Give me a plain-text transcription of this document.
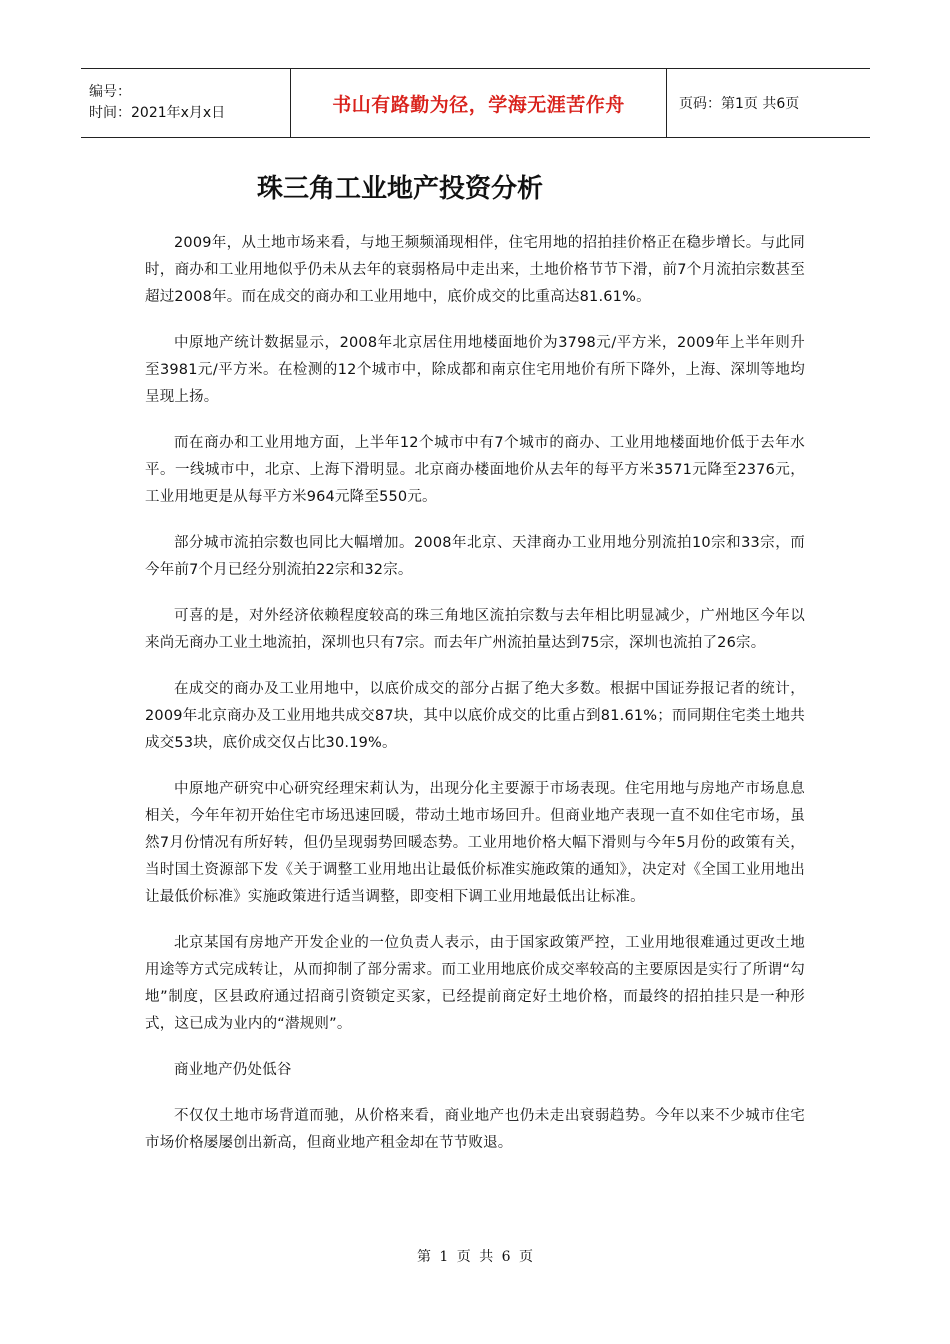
编号：
时间：2021年x月x日	书山有路勤为径，学海无涯苦作舟	页码：第1页 共6页
珠三角工业地产投资分析

2009年，从土地市场来看，与地王频频涌现相伴，住宅用地的招拍挂价格正在稳步增长。与此同时，商办和工业用地似乎仍未从去年的衰弱格局中走出来，土地价格节节下滑，前7个月流拍宗数甚至超过2008年。而在成交的商办和工业用地中，底价成交的比重高达81.61%。

中原地产统计数据显示，2008年北京居住用地楼面地价为3798元/平方米，2009年上半年则升至3981元/平方米。在检测的12个城市中，除成都和南京住宅用地价有所下降外，上海、深圳等地均呈现上扬。

而在商办和工业用地方面，上半年12个城市中有7个城市的商办、工业用地楼面地价低于去年水平。一线城市中，北京、上海下滑明显。北京商办楼面地价从去年的每平方米3571元降至2376元，工业用地更是从每平方米964元降至550元。

部分城市流拍宗数也同比大幅增加。2008年北京、天津商办工业用地分别流拍10宗和33宗，而今年前7个月已经分别流拍22宗和32宗。

可喜的是，对外经济依赖程度较高的珠三角地区流拍宗数与去年相比明显减少，广州地区今年以来尚无商办工业土地流拍，深圳也只有7宗。而去年广州流拍量达到75宗，深圳也流拍了26宗。

在成交的商办及工业用地中，以底价成交的部分占据了绝大多数。根据中国证券报记者的统计，2009年北京商办及工业用地共成交87块，其中以底价成交的比重占到81.61%；而同期住宅类土地共成交53块，底价成交仅占比30.19%。

中原地产研究中心研究经理宋莉认为，出现分化主要源于市场表现。住宅用地与房地产市场息息相关，今年年初开始住宅市场迅速回暖，带动土地市场回升。但商业地产表现一直不如住宅市场，虽然7月份情况有所好转，但仍呈现弱势回暖态势。工业用地价格大幅下滑则与今年5月份的政策有关，当时国土资源部下发《关于调整工业用地出让最低价标准实施政策的通知》，决定对《全国工业用地出让最低价标准》实施政策进行适当调整，即变相下调工业用地最低出让标准。

北京某国有房地产开发企业的一位负责人表示，由于国家政策严控，工业用地很难通过更改土地用途等方式完成转让，从而抑制了部分需求。而工业用地底价成交率较高的主要原因是实行了所谓“勾地”制度，区县政府通过招商引资锁定买家，已经提前商定好土地价格，而最终的招拍挂只是一种形式，这已成为业内的“潜规则”。

商业地产仍处低谷

不仅仅土地市场背道而驰，从价格来看，商业地产也仍未走出衰弱趋势。今年以来不少城市住宅市场价格屡屡创出新高，但商业地产租金却在节节败退。

第 1 页 共 6 页
